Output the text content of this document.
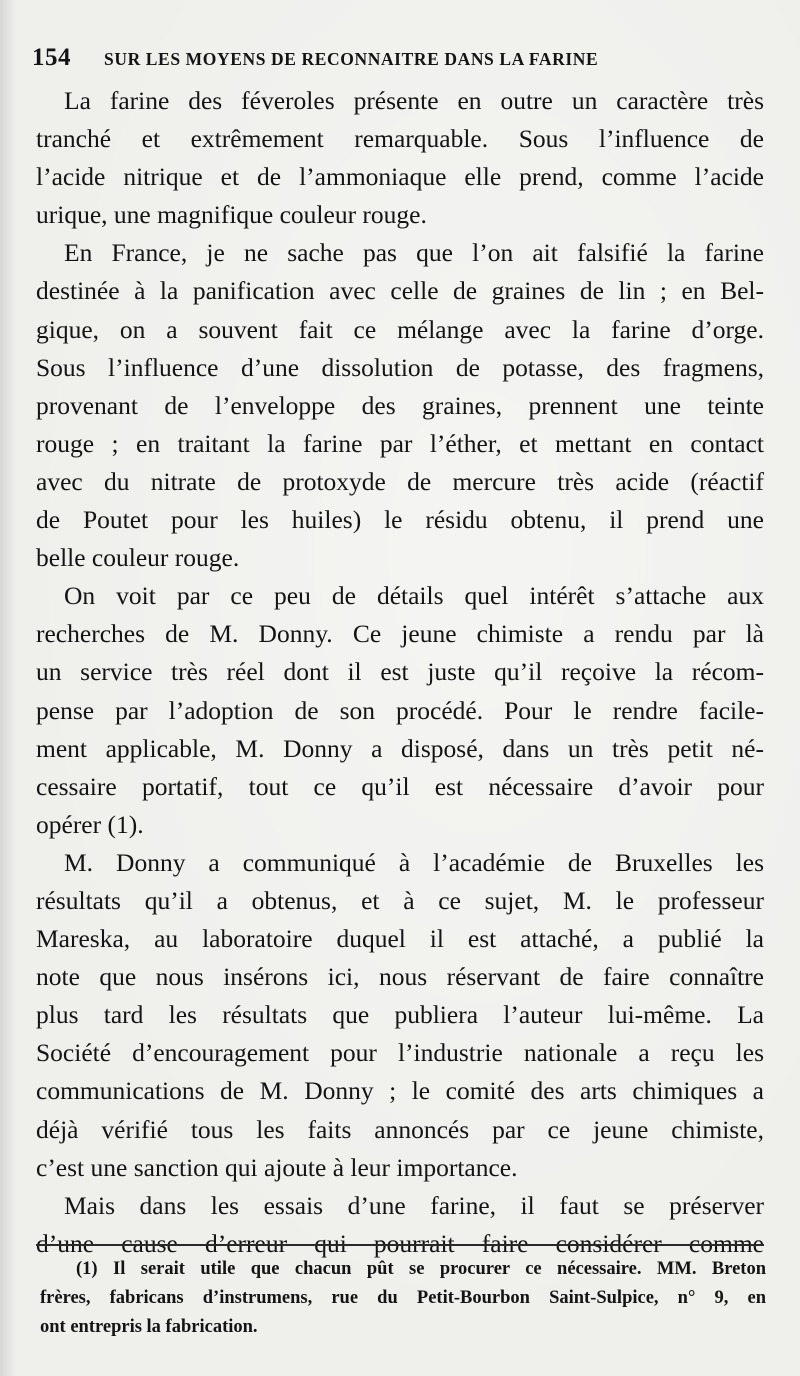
154 SUR LES MOYENS DE RECONNAITRE DANS LA FARINE
La farine des féveroles présente en outre un caractère très
tranché et extrêmement remarquable. Sous l’influence de
l’acide nitrique et de l’ammoniaque elle prend, comme l’acide
urique, une magnifique couleur rouge.
En France, je ne sache pas que l’on ait falsifié la farine
destinée à la panification avec celle de graines de lin ; en Bel-
gique, on a souvent fait ce mélange avec la farine d’orge.
Sous l’influence d’une dissolution de potasse, des fragmens,
provenant de l’enveloppe des graines, prennent une teinte
rouge ; en traitant la farine par l’éther, et mettant en contact
avec du nitrate de protoxyde de mercure très acide (réactif
de Poutet pour les huiles) le résidu obtenu, il prend une
belle couleur rouge.
On voit par ce peu de détails quel intérêt s’attache aux
recherches de M. Donny. Ce jeune chimiste a rendu par là
un service très réel dont il est juste qu’il reçoive la récom-
pense par l’adoption de son procédé. Pour le rendre facile-
ment applicable, M. Donny a disposé, dans un très petit né-
cessaire portatif, tout ce qu’il est nécessaire d’avoir pour
opérer (1).
M. Donny a communiqué à l’académie de Bruxelles les
résultats qu’il a obtenus, et à ce sujet, M. le professeur
Mareska, au laboratoire duquel il est attaché, a publié la
note que nous insérons ici, nous réservant de faire connaître
plus tard les résultats que publiera l’auteur lui-même. La
Société d’encouragement pour l’industrie nationale a reçu les
communications de M. Donny ; le comité des arts chimiques a
déjà vérifié tous les faits annoncés par ce jeune chimiste,
c’est une sanction qui ajoute à leur importance.
Mais dans les essais d’une farine, il faut se préserver
d’une cause d’erreur qui pourrait faire considérer comme
(1) Il serait utile que chacun pût se procurer ce nécessaire. MM. Breton
frères, fabricans d’instrumens, rue du Petit-Bourbon Saint-Sulpice, n° 9, en
ont entrepris la fabrication.
